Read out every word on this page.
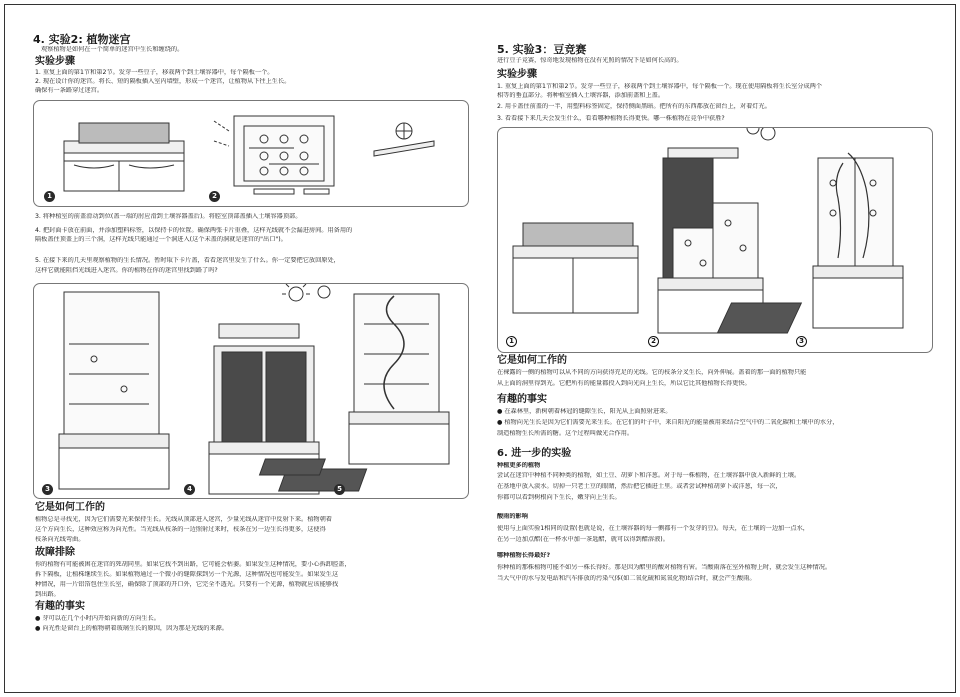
4. 实验2: 植物迷宫
观察植物是如何在一个简单的迷宫中生长和缠绕的。
实验步骤
1. 重复上面的第1节和第2节。发芽一些豆子，移栽两个到土壤容器中，每个隔板一个。
2. 现在设计你的迷宫。将长、短的隔板插入室内墙壁，形成一个迷宫，让植物从下往上生长。
确保有一条路穿过迷宫。
1	2
3. 将种植室的前盖滑动到位(盖一端的肘应滑到土壤容器盖后)。将腔室顶部盖插入土壤容器顶部。
4. 把封面卡放在前面，并添加塑料标签，以保持卡的位置。确保两张卡片重叠，这样光线就不会漏进房间。用备用的
隔板盖住顶盖上的三个洞，这样光线只能通过一个洞进入(这个未盖的洞就是迷宫的"出口")。
5. 在接下来的几天里观察植物的生长情况。暂时取下卡片盖，看看迷宫里发生了什么。你一定要把它放回原处，
这样它就能阻挡光线进入迷宫。你的植物在你的迷宫里找到路了吗?
3	4	5
它是如何工作的
植物总是寻找光，因为它们需要光来保持生长。光线从顶部进入迷宫，少量光线从迷宫中反射下来。植物朝着
这个方向生长，这种效应称为向光性。当光线从枝条的一边照射过来时，枝条在另一边生长得更多，这使得
枝条向光线弯曲。
故障排除
你的植物有可能被困在迷宫的死胡同里。如果它找不到出路，它可能会枯萎。如果发生这种情况，要小心拆卸腔盖，
拆下隔板，让植株继续生长。如果植物通过一个微小的缝隙探到另一个光源，这种情况也可能发生。如果发生这
种情况，用一片铝箔包住生长室，确保除了顶部的开口外，它完全不透光。只要有一个光源，植物就应该能够找
到出路。
有趣的事实
● 芽可以在几个小时内开始向新的方向生长。
● 向光性是窗台上的植物朝着玻璃生长的原因，因为那是光线的来源。
5. 实验3：豆竞赛
进行豆子竞赛，惊奇地发现植物在没有光照的情况下是如何长高的。
实验步骤
1. 重复上面的第1节和第2节。发芽一些豆子，移栽两个到土壤容器中，每个隔板一个。现在使用隔板将生长室分成两个
相等的垂直部分。将种植室插入土壤容器，添加前盖和上盖。
2. 用卡盖住前盖的一半，用塑料标签固定，保持侧面黑暗。把所有的东西都放在窗台上，对着灯光。
3. 看看接下来几天会发生什么，看看哪种植物长得更快。哪一株植物在竞争中获胜?
1	2	3
它是如何工作的
在裸露的一侧的植物可以从不同的方向获得充足的光线。它的枝条分叉生长，向外伸展。盖着的那一面的植物只能
从上面的洞里得到光。它把所有的能量都投入到向光向上生长，所以它比其他植物长得更快。
有趣的事实
● 在森林里，新树朝着林冠的缝隙生长，阳光从上面照射进来。
● 植物向光生长是因为它们需要光来生长。在它们的叶子中，来自阳光的能量被用来结合空气中的二氧化碳和土壤中的水分，
制造植物生长所需的糖。这个过程叫做光合作用。
6. 进一步的实验
种植更多的植物
尝试在迷宫中种植不同种类的植物，如土豆、胡萝卜和洋葱。对于每一株植物，在土壤容器中放入新鲜的土壤。
在基地中放入淡水。切掉一只老土豆的眼睛，然后把它插进土里。或者尝试种植胡萝卜或洋葱，每一次，
你都可以看到树根向下生长，嫩芽向上生长。
酸雨的影响
使用与上面实验1相同的设置(也就是说，在土壤容器的每一侧都有一个发芽的豆)。每天，在土壤的一边加一点水，
在另一边加点醋(在一杯水中加一茶匙醋，就可以得到醋溶液)。
哪种植物长得最好?
你种植的那株植物可能不如另一株长得好。那是因为醋里的酸对植物有害。当酸雨落在室外植物上时，就会发生这种情况。
当大气中的水与发电站和汽车排放的污染气体(如二氧化硫和氮氧化物)结合时，就会产生酸雨。
